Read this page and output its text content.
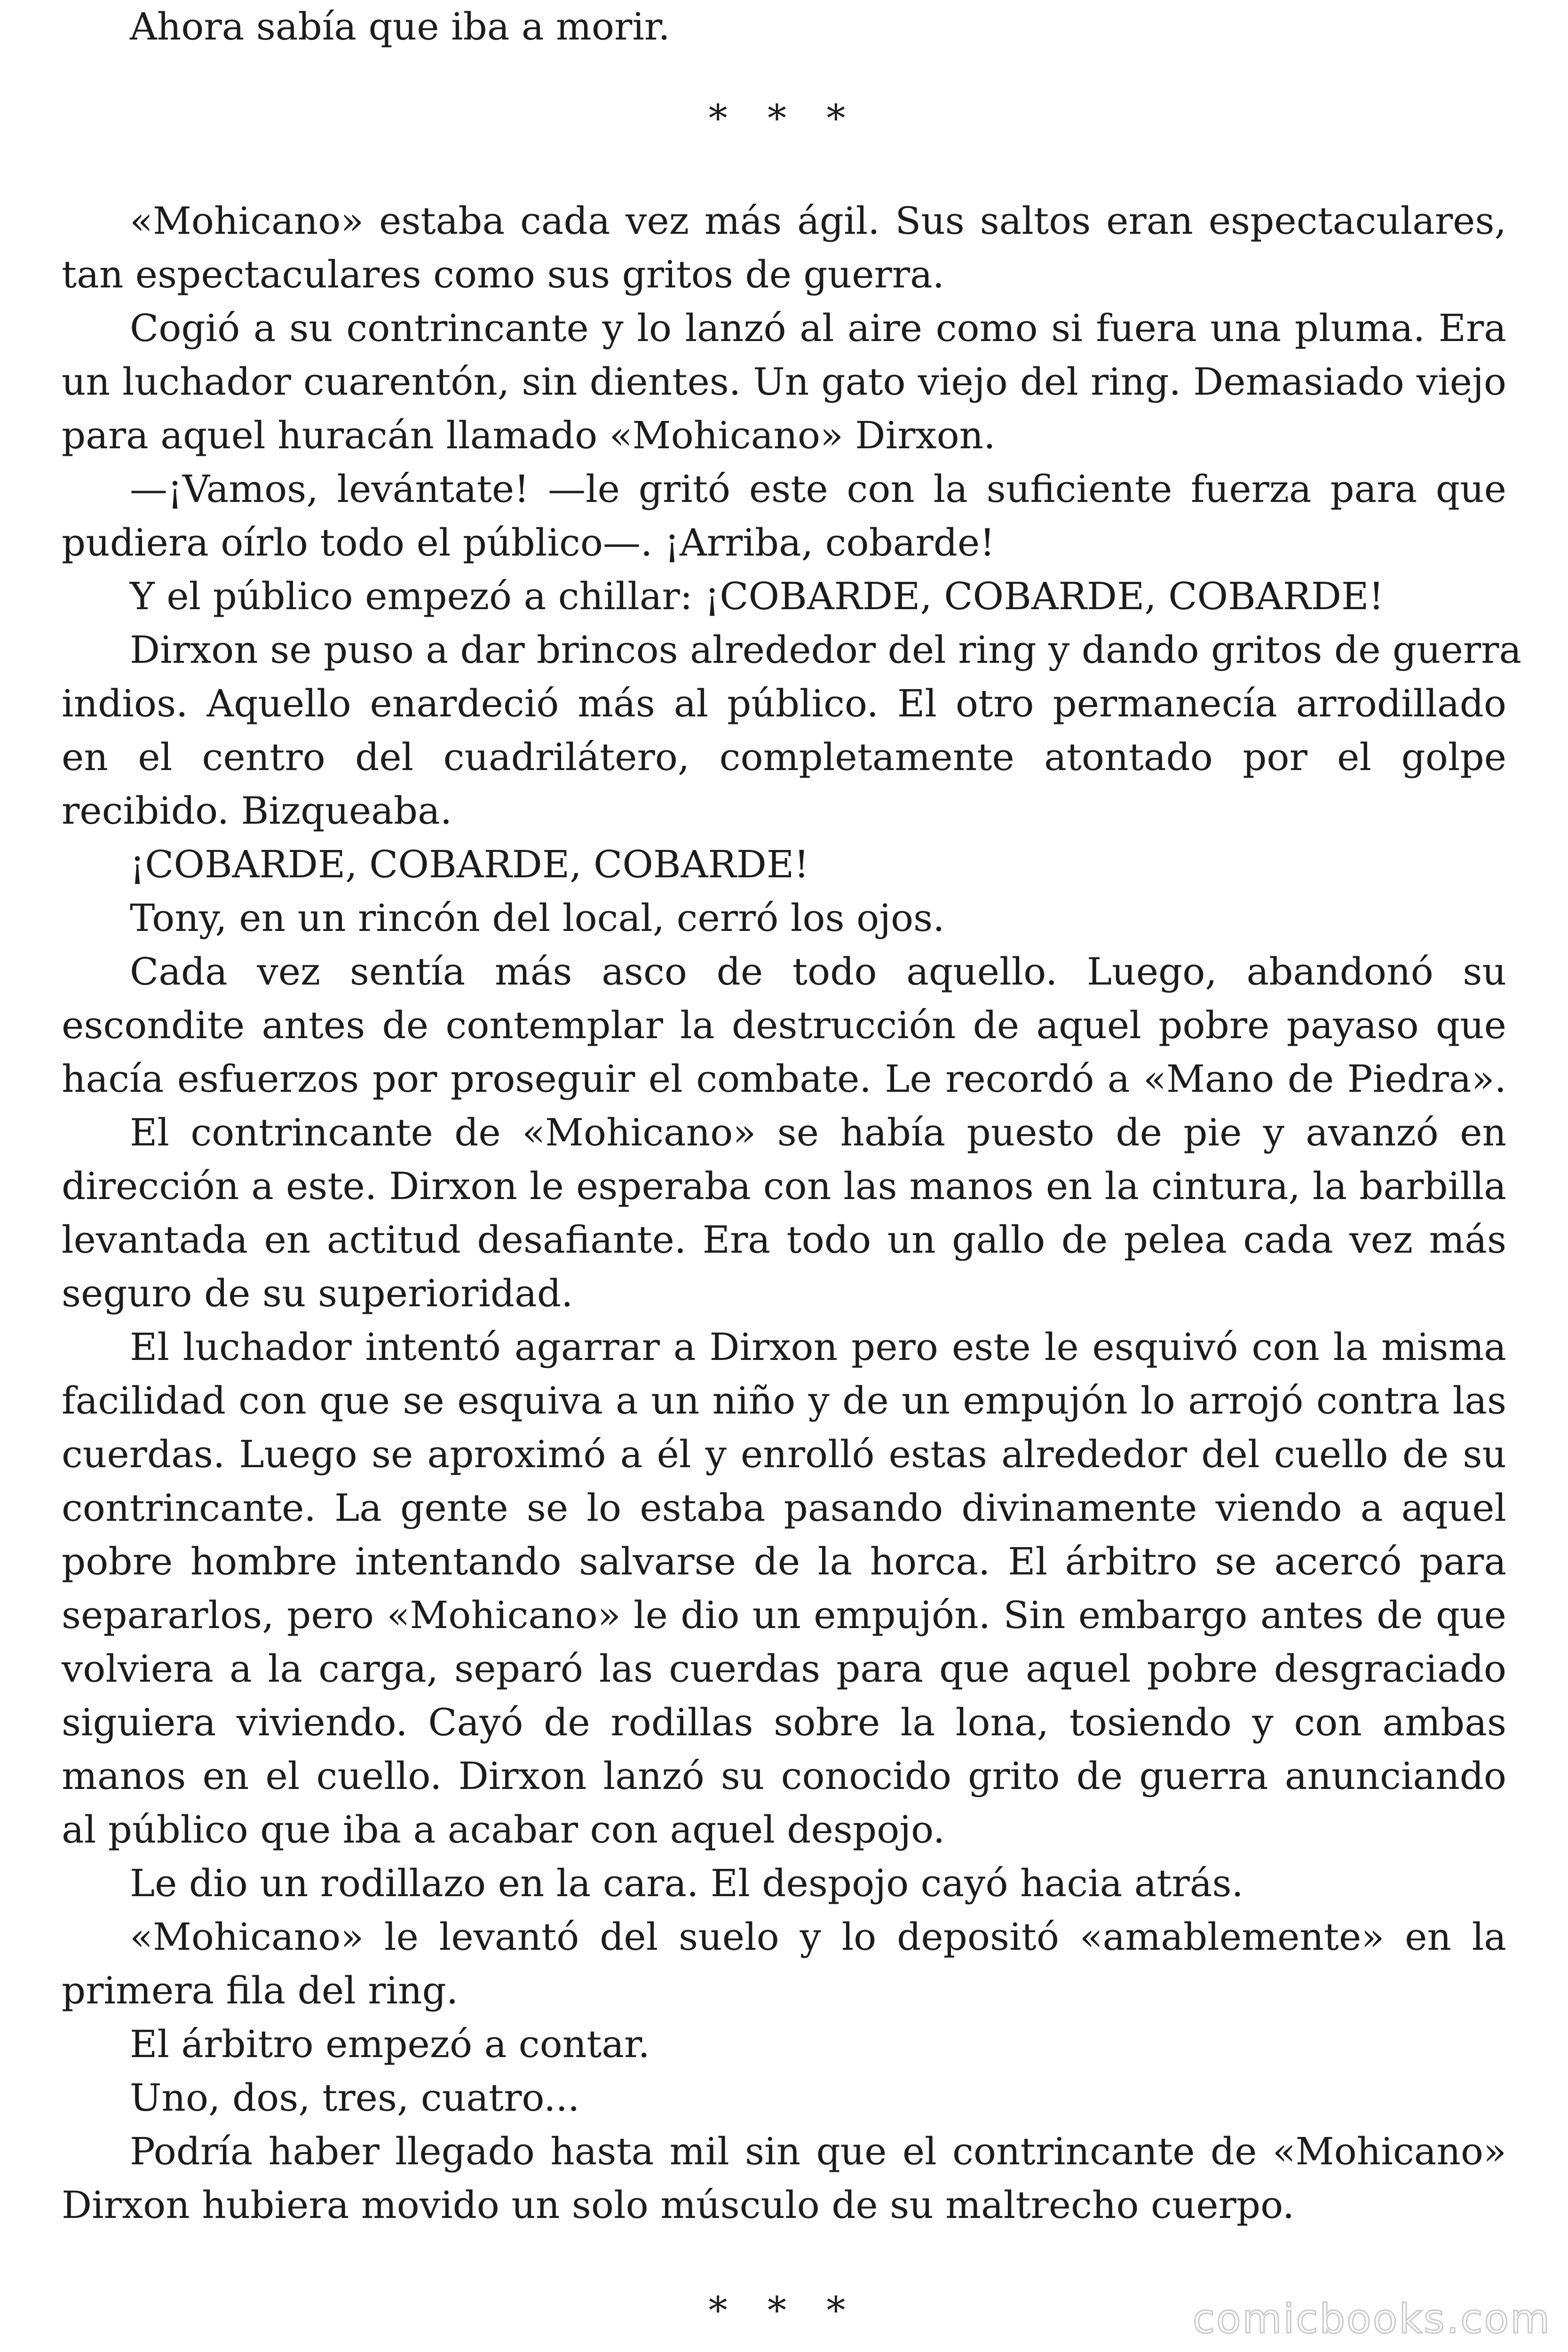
Ahora sabía que iba a morir.
* * *
«Mohicano» estaba cada vez más ágil. Sus saltos eran espectaculares,
tan espectaculares como sus gritos de guerra.
Cogió a su contrincante y lo lanzó al aire como si fuera una pluma. Era
un luchador cuarentón, sin dientes. Un gato viejo del ring. Demasiado viejo
para aquel huracán llamado «Mohicano» Dirxon.
—¡Vamos, levántate! —le gritó este con la suficiente fuerza para que
pudiera oírlo todo el público—. ¡Arriba, cobarde!
Y el público empezó a chillar: ¡COBARDE, COBARDE, COBARDE!
Dirxon se puso a dar brincos alrededor del ring y dando gritos de guerra
indios. Aquello enardeció más al público. El otro permanecía arrodillado
en el centro del cuadrilátero, completamente atontado por el golpe
recibido. Bizqueaba.
¡COBARDE, COBARDE, COBARDE!
Tony, en un rincón del local, cerró los ojos.
Cada vez sentía más asco de todo aquello. Luego, abandonó su
escondite antes de contemplar la destrucción de aquel pobre payaso que
hacía esfuerzos por proseguir el combate. Le recordó a «Mano de Piedra».
El contrincante de «Mohicano» se había puesto de pie y avanzó en
dirección a este. Dirxon le esperaba con las manos en la cintura, la barbilla
levantada en actitud desafiante. Era todo un gallo de pelea cada vez más
seguro de su superioridad.
El luchador intentó agarrar a Dirxon pero este le esquivó con la misma
facilidad con que se esquiva a un niño y de un empujón lo arrojó contra las
cuerdas. Luego se aproximó a él y enrolló estas alrededor del cuello de su
contrincante. La gente se lo estaba pasando divinamente viendo a aquel
pobre hombre intentando salvarse de la horca. El árbitro se acercó para
separarlos, pero «Mohicano» le dio un empujón. Sin embargo antes de que
volviera a la carga, separó las cuerdas para que aquel pobre desgraciado
siguiera viviendo. Cayó de rodillas sobre la lona, tosiendo y con ambas
manos en el cuello. Dirxon lanzó su conocido grito de guerra anunciando
al público que iba a acabar con aquel despojo.
Le dio un rodillazo en la cara. El despojo cayó hacia atrás.
«Mohicano» le levantó del suelo y lo depositó «amablemente» en la
primera fila del ring.
El árbitro empezó a contar.
Uno, dos, tres, cuatro...
Podría haber llegado hasta mil sin que el contrincante de «Mohicano»
Dirxon hubiera movido un solo músculo de su maltrecho cuerpo.
* * *	comicbooks.com
